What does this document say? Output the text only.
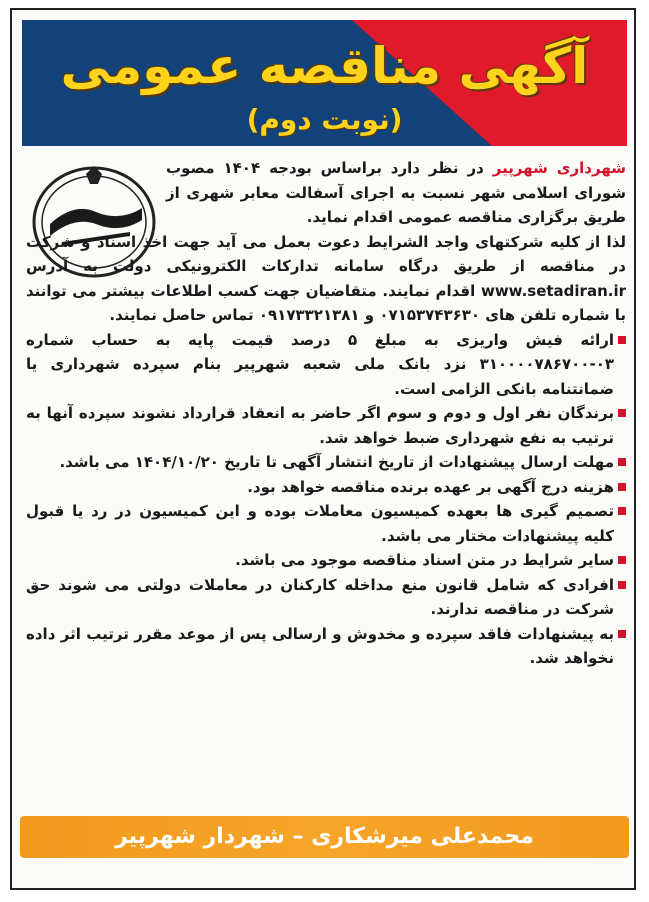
آگهی مناقصه عمومی
(نوبت دوم)
شهرداری شهرپیر در نظر دارد براساس بودجه ۱۴۰۴ مصوب شورای اسلامی شهر نسبت به اجرای آسفالت معابر شهری از طریق برگزاری مناقصه عمومی اقدام نماید.
لذا از کلیه شرکتهای واجد الشرایط دعوت بعمل می آید جهت اخذ اسناد و شرکت در مناقصه از طریق درگاه سامانه تدارکات الکترونیکی دولت به آدرس www.setadiran.ir اقدام نمایند. متقاضیان جهت کسب اطلاعات بیشتر می توانند با شماره تلفن های ۰۷۱۵۳۷۴۳۶۳۰ و ۰۹۱۷۳۳۲۱۳۸۱ تماس حاصل نمایند.
ارائه فیش واریزی به مبلغ ۵ درصد قیمت پایه به حساب شماره ۰۳-۳۱۰۰۰۰۷۸۶۷۰۰ نزد بانک ملی شعبه شهرپیر بنام سپرده شهرداری یا ضمانتنامه بانکی الزامی است.
برندگان نفر اول و دوم و سوم اگر حاضر به انعقاد قرارداد نشوند سپرده آنها به ترتیب به نفع شهرداری ضبط خواهد شد.
مهلت ارسال پیشنهادات از تاریخ انتشار آگهی تا تاریخ ۱۴۰۴/۱۰/۲۰ می باشد.
هزینه درج آگهی بر عهده برنده مناقصه خواهد بود.
تصمیم گیری ها بعهده کمیسیون معاملات بوده و این کمیسیون در رد یا قبول کلیه پیشنهادات مختار می باشد.
سایر شرایط در متن اسناد مناقصه موجود می باشد.
افرادی که شامل قانون منع مداخله کارکنان در معاملات دولتی می شوند حق شرکت در مناقصه ندارند.
به پیشنهادات فاقد سپرده و مخدوش و ارسالی پس از موعد مقرر ترتیب اثر داده نخواهد شد.
محمدعلی میرشکاری – شهردار شهرپیر
